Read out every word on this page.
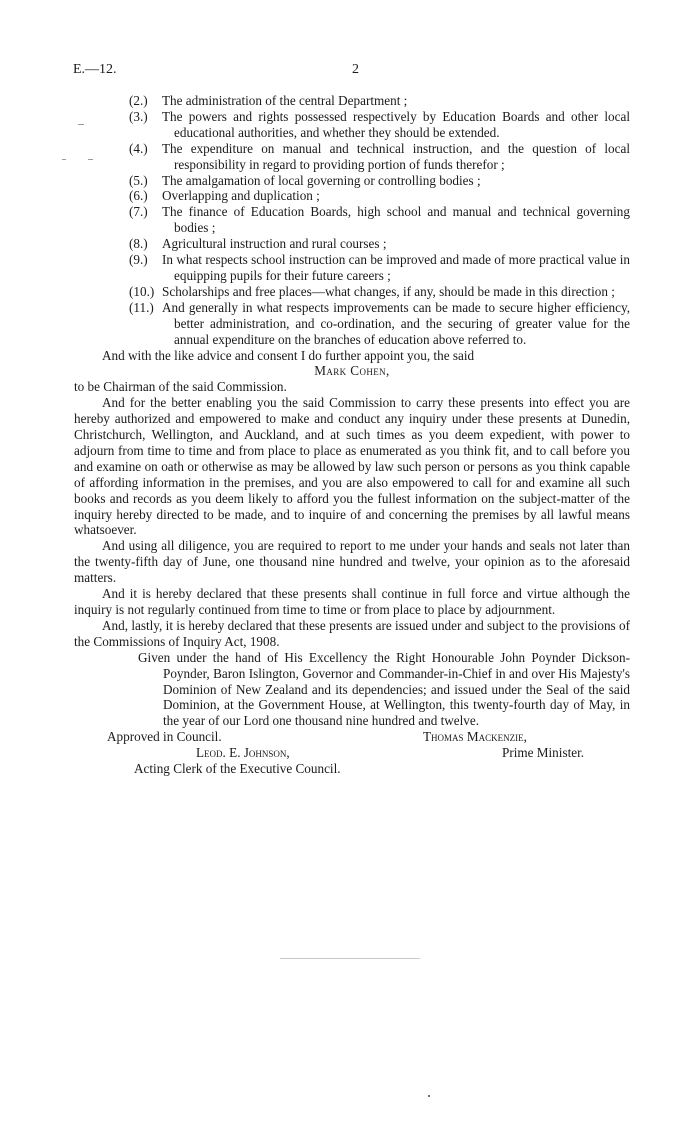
E.—12.	2
(2.) The administration of the central Department ;
(3.) The powers and rights possessed respectively by Education Boards and other local educational authorities, and whether they should be extended.
(4.) The expenditure on manual and technical instruction, and the question of local responsibility in regard to providing portion of funds therefor ;
(5.) The amalgamation of local governing or controlling bodies ;
(6.) Overlapping and duplication ;
(7.) The finance of Education Boards, high school and manual and technical governing bodies ;
(8.) Agricultural instruction and rural courses ;
(9.) In what respects school instruction can be improved and made of more practical value in equipping pupils for their future careers ;
(10.) Scholarships and free places—what changes, if any, should be made in this direction ;
(11.) And generally in what respects improvements can be made to secure higher efficiency, better administration, and co-ordination, and the securing of greater value for the annual expenditure on the branches of education above referred to.
And with the like advice and consent I do further appoint you, the said
Mark Cohen,
to be Chairman of the said Commission.
And for the better enabling you the said Commission to carry these presents into effect you are hereby authorized and empowered to make and conduct any inquiry under these presents at Dunedin, Christchurch, Wellington, and Auckland, and at such times as you deem expedient, with power to adjourn from time to time and from place to place as enumerated as you think fit, and to call before you and examine on oath or otherwise as may be allowed by law such person or persons as you think capable of affording information in the premises, and you are also empowered to call for and examine all such books and records as you deem likely to afford you the fullest information on the subject-matter of the inquiry hereby directed to be made, and to inquire of and concerning the premises by all lawful means whatsoever.
And using all diligence, you are required to report to me under your hands and seals not later than the twenty-fifth day of June, one thousand nine hundred and twelve, your opinion as to the aforesaid matters.
And it is hereby declared that these presents shall continue in full force and virtue although the inquiry is not regularly continued from time to time or from place to place by adjournment.
And, lastly, it is hereby declared that these presents are issued under and subject to the provisions of the Commissions of Inquiry Act, 1908.
Given under the hand of His Excellency the Right Honourable John Poynder Dickson-Poynder, Baron Islington, Governor and Commander-in-Chief in and over His Majesty's Dominion of New Zealand and its dependencies; and issued under the Seal of the said Dominion, at the Government House, at Wellington, this twenty-fourth day of May, in the year of our Lord one thousand nine hundred and twelve.
Approved in Council.	Thomas Mackenzie,
Leod. E. Johnson,	Prime Minister.
Acting Clerk of the Executive Council.
